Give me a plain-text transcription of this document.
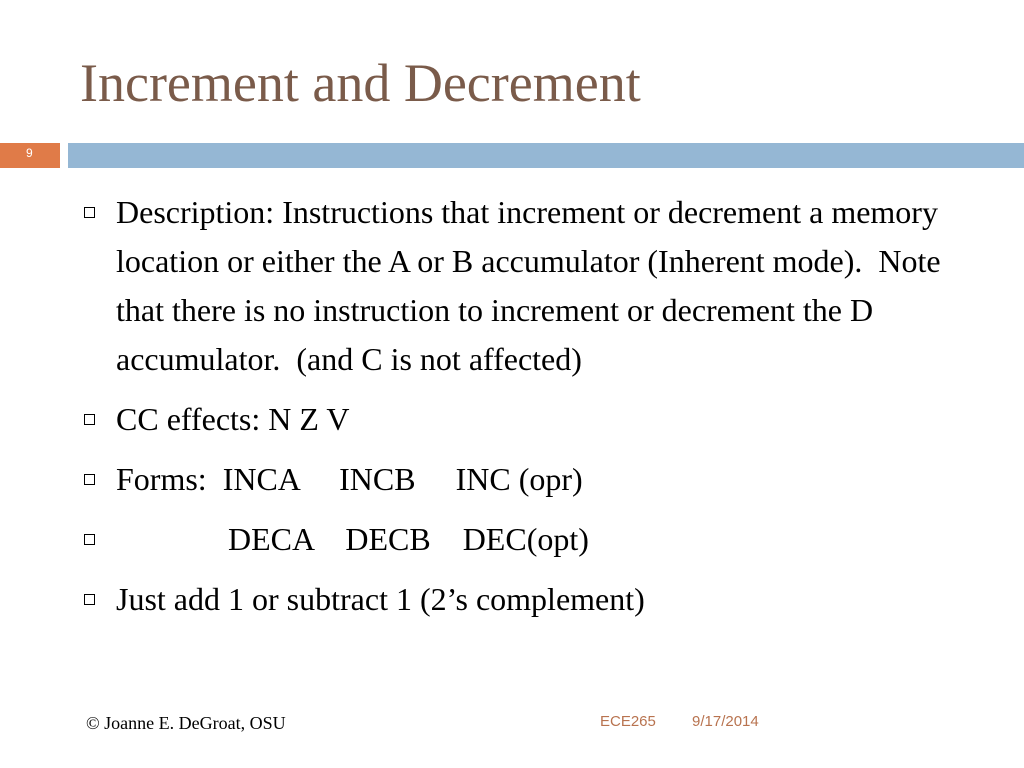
Increment and Decrement
9
Description: Instructions that increment or decrement a memory location or either the A or B accumulator (Inherent mode).  Note that there is no instruction to increment or decrement the D accumulator.  (and C is not affected)
CC effects: N Z V
Forms:  INCA     INCB     INC (opr)
DECA    DECB    DEC(opt)
Just add 1 or subtract 1 (2’s complement)
© Joanne E. DeGroat, OSU	ECE265 9/17/2014
